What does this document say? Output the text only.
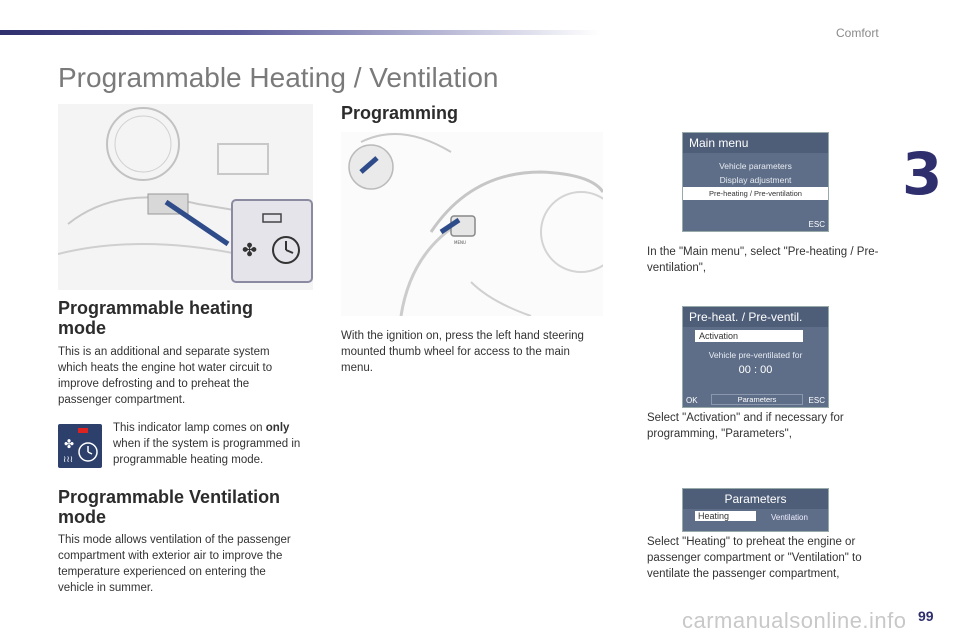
Comfort
3
Programmable Heating / Ventilation
✤
Programmable heating mode
This is an additional and separate system which heats the engine hot water circuit to improve defrosting and to preheat the passenger compartment.
✤
≀≀≀
This indicator lamp comes on only when if the system is programmed in programmable heating mode.
Programmable Ventilation mode
This mode allows ventilation of the passenger compartment with exterior air to improve the temperature experienced on entering the vehicle in summer.
Programming
MENU
With the ignition on, press the left hand steering mounted thumb wheel for access to the main menu.
Main menu
Vehicle parameters
Display adjustment
Pre-heating / Pre-ventilation
ESC
In the "Main menu", select "Pre-heating / Pre-ventilation",
Pre-heat. / Pre-ventil.
Activation
Vehicle pre-ventilated for
00 : 00
OK	Parameters	ESC
Select "Activation" and if necessary for programming, "Parameters",
Parameters
Heating	Ventilation
Select "Heating" to preheat the engine or passenger compartment or "Ventilation" to ventilate the passenger compartment,
carmanualsonline.info 99
